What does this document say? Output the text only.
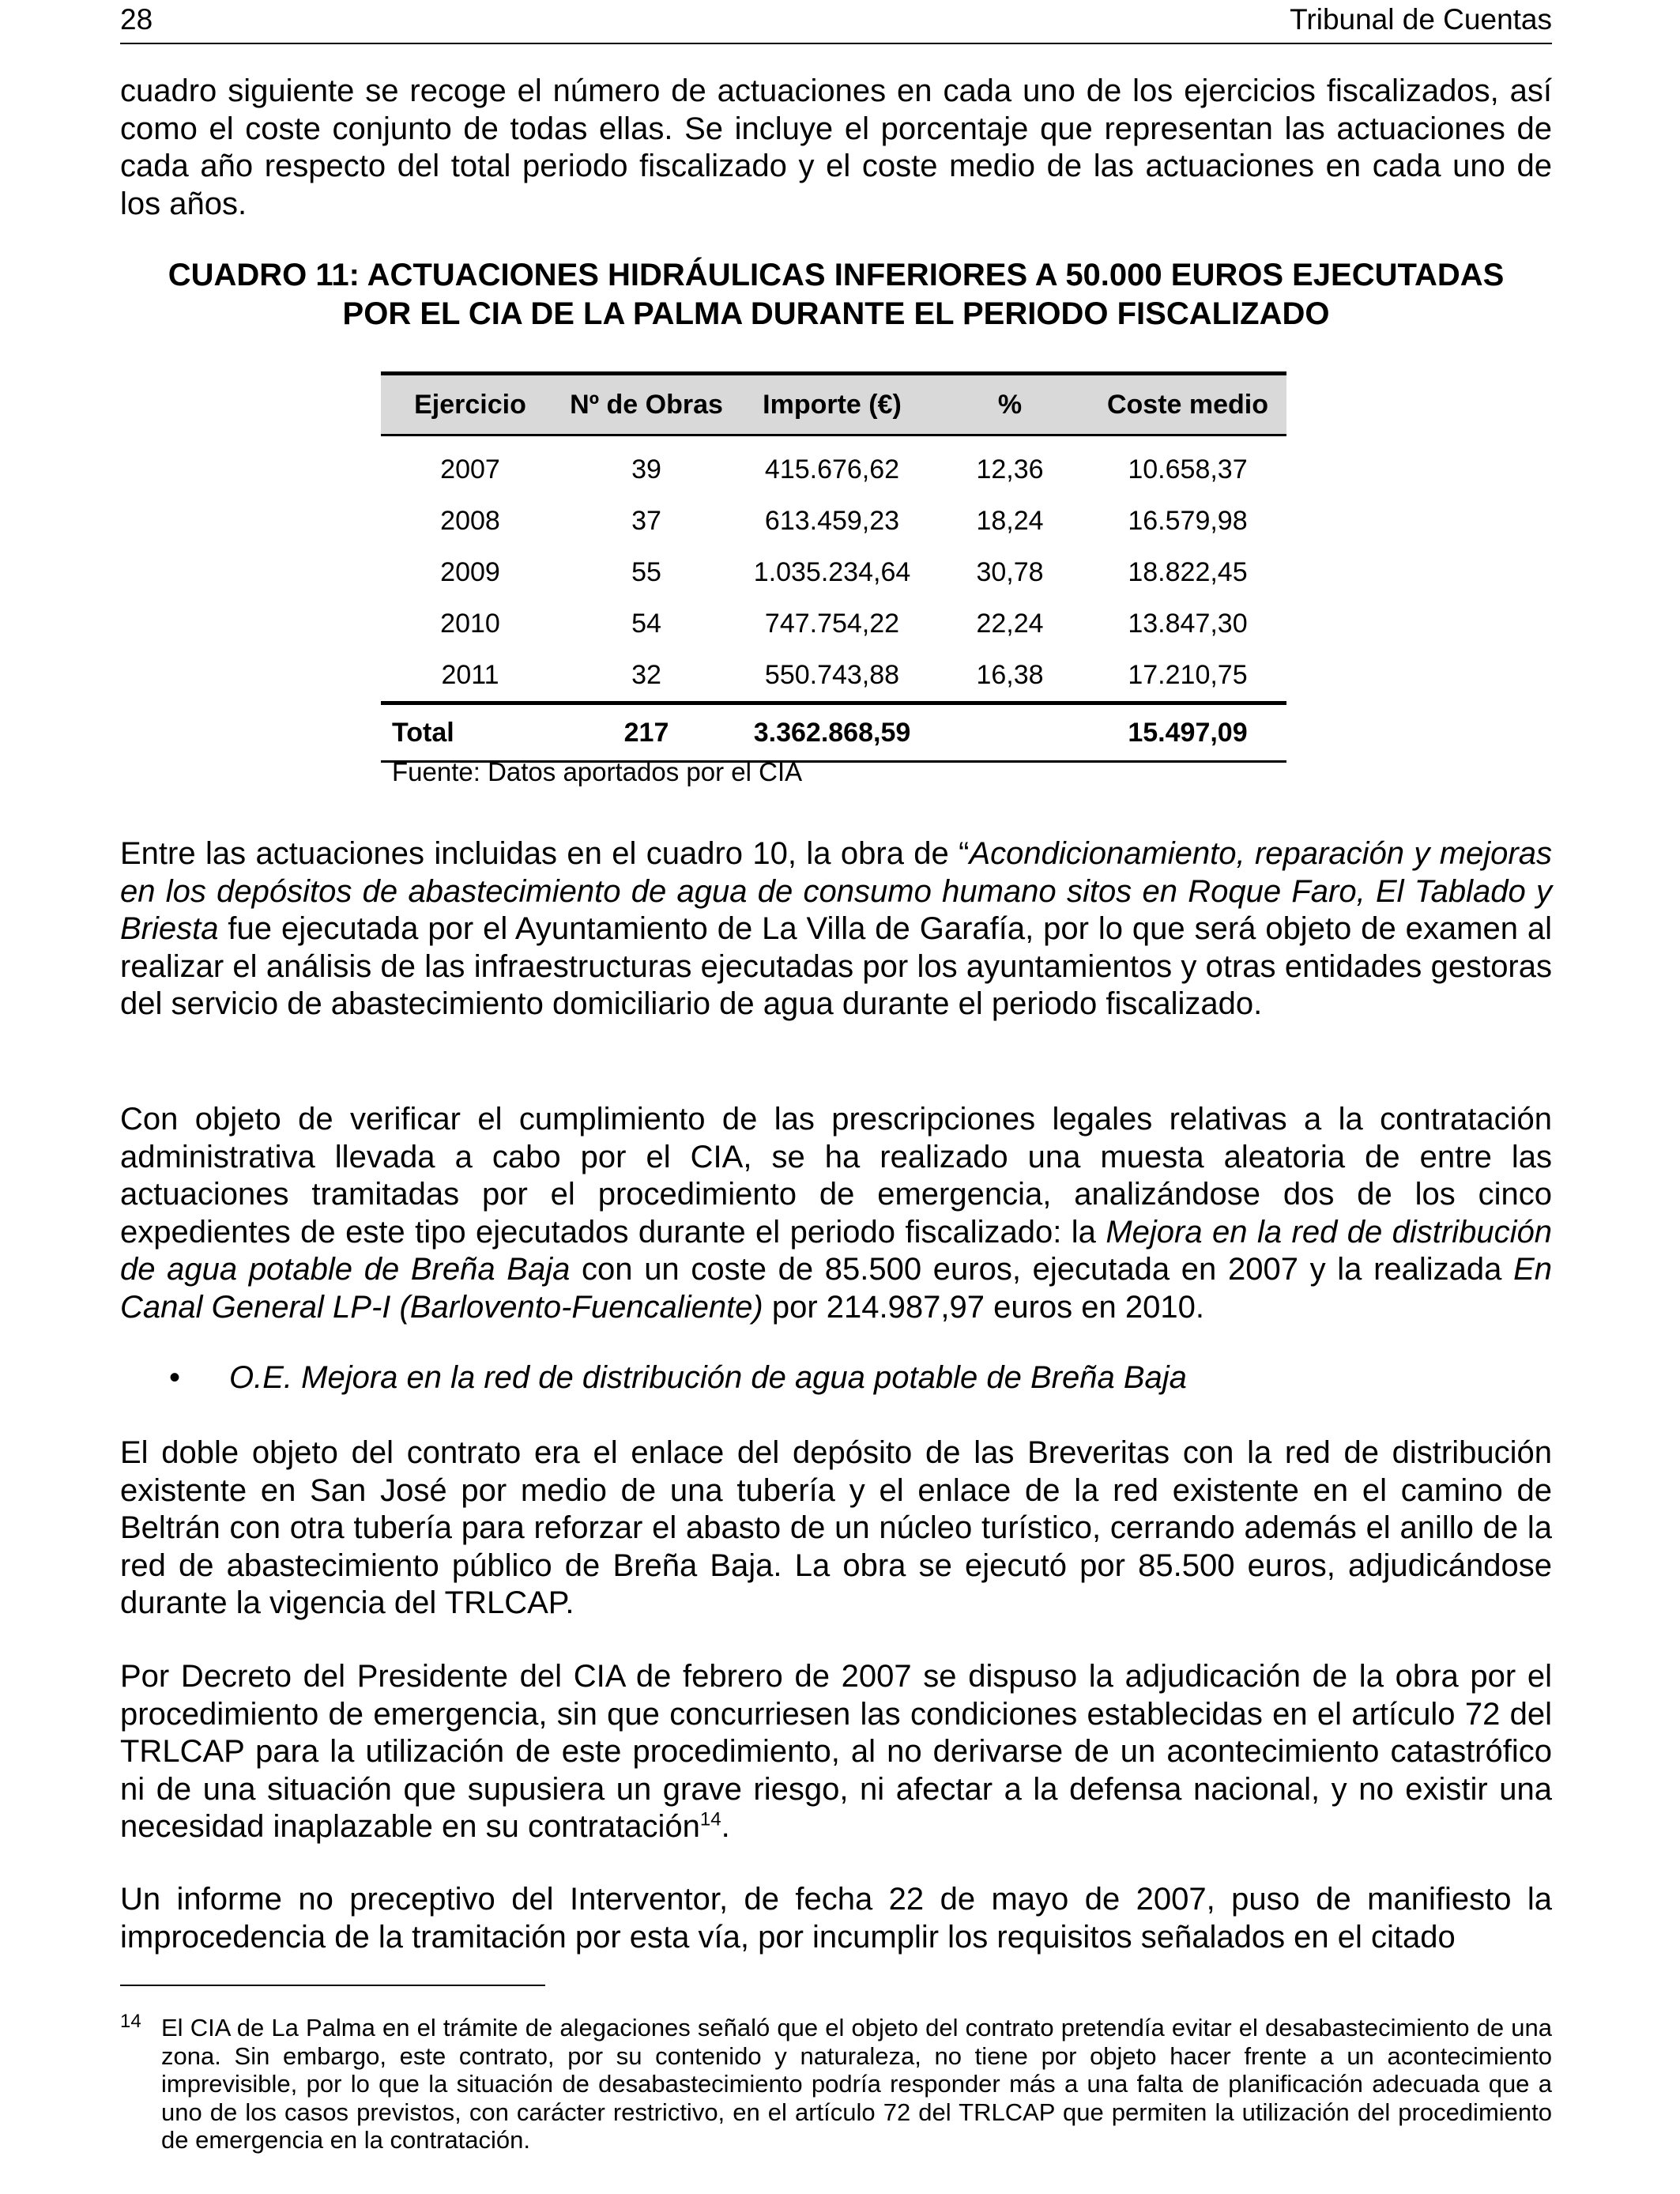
28	Tribunal de Cuentas

cuadro siguiente se recoge el número de actuaciones en cada uno de los ejercicios fiscalizados, así como el coste conjunto de todas ellas. Se incluye el porcentaje que representan las actuaciones de cada año respecto del total periodo fiscalizado y el coste medio de las actuaciones en cada uno de los años.

CUADRO 11: ACTUACIONES HIDRÁULICAS INFERIORES A 50.000 EUROS EJECUTADAS
POR EL CIA DE LA PALMA DURANTE EL PERIODO FISCALIZADO
Ejercicio	Nº de Obras	Importe (€)	%	Coste medio
2007	39	415.676,62	12,36	10.658,37
2008	37	613.459,23	18,24	16.579,98
2009	55	1.035.234,64	30,78	18.822,45
2010	54	747.754,22	22,24	13.847,30
2011	32	550.743,88	16,38	17.210,75
Total	217	3.362.868,59		15.497,09
Fuente: Datos aportados por el CIA

Entre las actuaciones incluidas en el cuadro 10, la obra de “Acondicionamiento, reparación y mejoras en los depósitos de abastecimiento de agua de consumo humano sitos en Roque Faro, El Tablado y Briesta fue ejecutada por el Ayuntamiento de La Villa de Garafía, por lo que será objeto de examen al realizar el análisis de las infraestructuras ejecutadas por los ayuntamientos y otras entidades gestoras del servicio de abastecimiento domiciliario de agua durante el periodo fiscalizado.

Con objeto de verificar el cumplimiento de las prescripciones legales relativas a la contratación administrativa llevada a cabo por el CIA, se ha realizado una muesta aleatoria de entre las actuaciones tramitadas por el procedimiento de emergencia, analizándose dos de los cinco expedientes de este tipo ejecutados durante el periodo fiscalizado: la Mejora en la red de distribución de agua potable de Breña Baja con un coste de 85.500 euros, ejecutada en 2007 y la realizada En Canal General LP-I (Barlovento-Fuencaliente) por 214.987,97 euros en 2010.

• O.E. Mejora en la red de distribución de agua potable de Breña Baja

El doble objeto del contrato era el enlace del depósito de las Breveritas con la red de distribución existente en San José por medio de una tubería y el enlace de la red existente en el camino de Beltrán con otra tubería para reforzar el abasto de un núcleo turístico, cerrando además el anillo de la red de abastecimiento público de Breña Baja. La obra se ejecutó por 85.500 euros, adjudicándose durante la vigencia del TRLCAP.

Por Decreto del Presidente del CIA de febrero de 2007 se dispuso la adjudicación de la obra por el procedimiento de emergencia, sin que concurriesen las condiciones establecidas en el artículo 72 del TRLCAP para la utilización de este procedimiento, al no derivarse de un acontecimiento catastrófico ni de una situación que supusiera un grave riesgo, ni afectar a la defensa nacional, y no existir una necesidad inaplazable en su contratación$^{14}$.

Un informe no preceptivo del Interventor, de fecha 22 de mayo de 2007, puso de manifiesto la improcedencia de la tramitación por esta vía, por incumplir los requisitos señalados en el citado

14 El CIA de La Palma en el trámite de alegaciones señaló que el objeto del contrato pretendía evitar el desabastecimiento de una zona. Sin embargo, este contrato, por su contenido y naturaleza, no tiene por objeto hacer frente a un acontecimiento imprevisible, por lo que la situación de desabastecimiento podría responder más a una falta de planificación adecuada que a uno de los casos previstos, con carácter restrictivo, en el artículo 72 del TRLCAP que permiten la utilización del procedimiento de emergencia en la contratación.
